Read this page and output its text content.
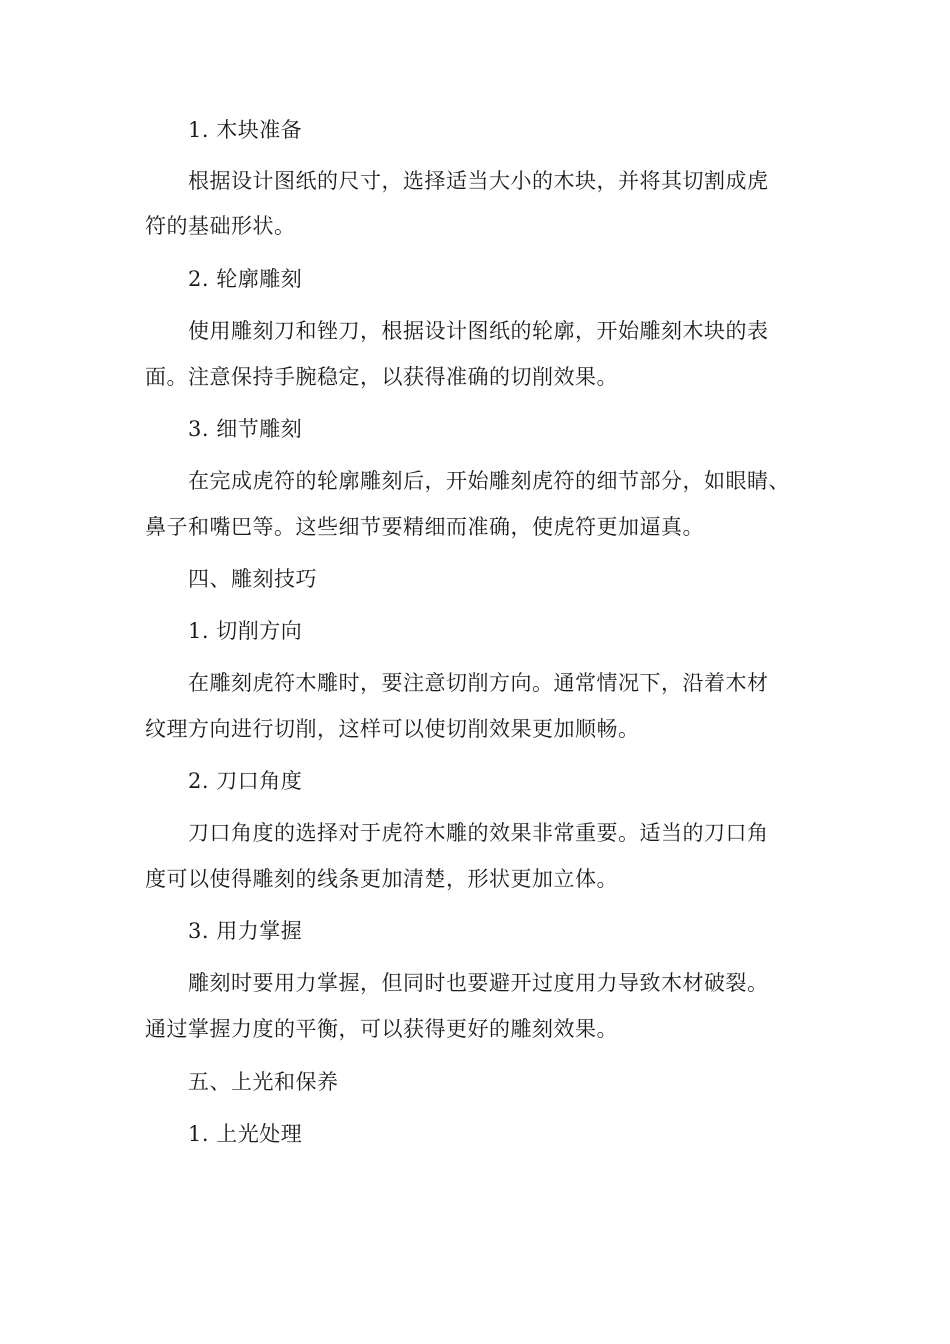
1. 木块准备
根据设计图纸的尺寸，选择适当大小的木块，并将其切割成虎
符的基础形状。
2. 轮廓雕刻
使用雕刻刀和锉刀，根据设计图纸的轮廓，开始雕刻木块的表
面。注意保持手腕稳定，以获得准确的切削效果。
3. 细节雕刻
在完成虎符的轮廓雕刻后，开始雕刻虎符的细节部分，如眼睛、
鼻子和嘴巴等。这些细节要精细而准确，使虎符更加逼真。
四、雕刻技巧
1. 切削方向
在雕刻虎符木雕时，要注意切削方向。通常情况下，沿着木材
纹理方向进行切削，这样可以使切削效果更加顺畅。
2. 刀口角度
刀口角度的选择对于虎符木雕的效果非常重要。适当的刀口角
度可以使得雕刻的线条更加清楚，形状更加立体。
3. 用力掌握
雕刻时要用力掌握，但同时也要避开过度用力导致木材破裂。
通过掌握力度的平衡，可以获得更好的雕刻效果。
五、上光和保养
1. 上光处理
